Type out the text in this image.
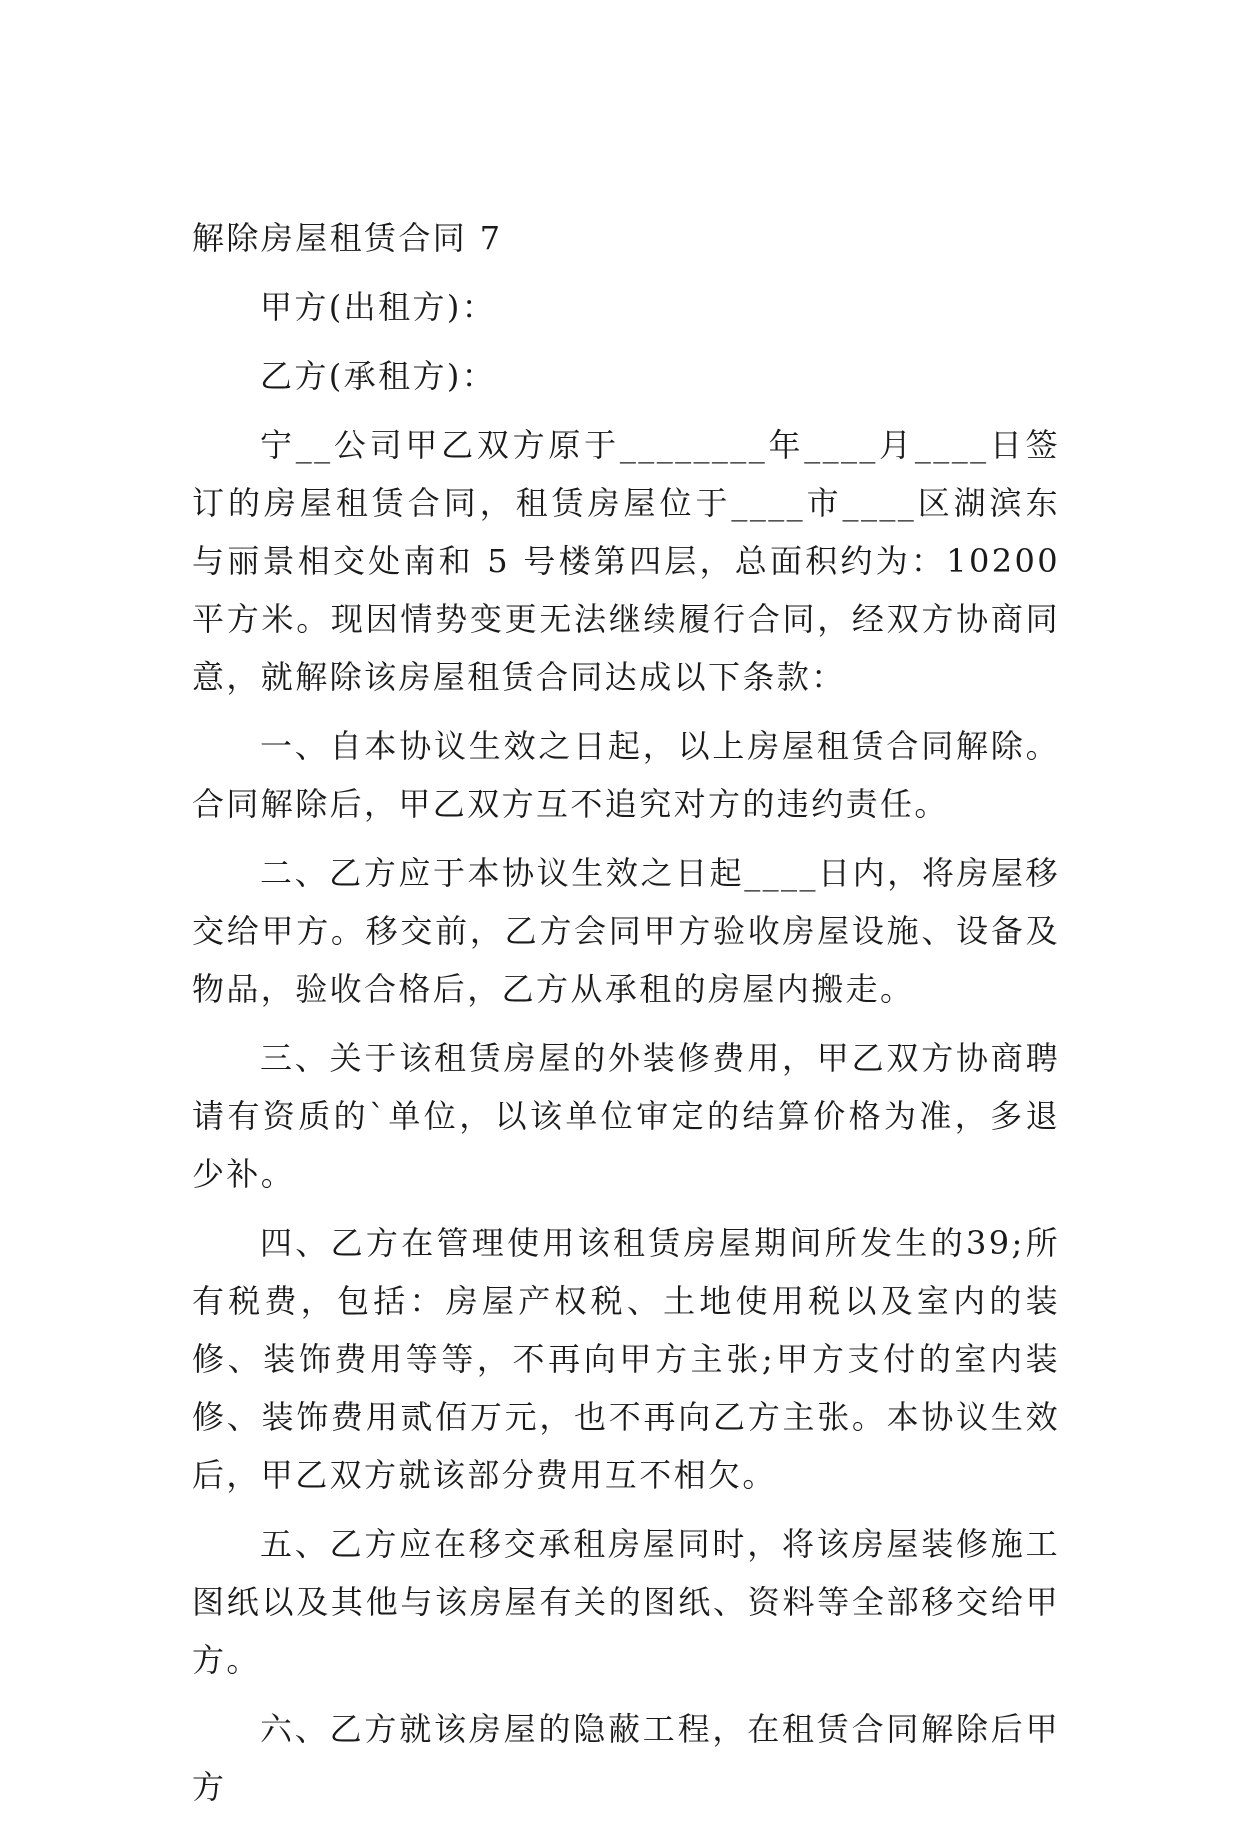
解除房屋租赁合同 7
甲方(出租方)：
乙方(承租方)：
宁__公司甲乙双方原于________年____月____日签订的房屋租赁合同，租赁房屋位于____市____区湖滨东与丽景相交处南和 5 号楼第四层，总面积约为：10200 平方米。现因情势变更无法继续履行合同，经双方协商同意，就解除该房屋租赁合同达成以下条款：
一、自本协议生效之日起，以上房屋租赁合同解除。合同解除后，甲乙双方互不追究对方的违约责任。
二、乙方应于本协议生效之日起____日内，将房屋移交给甲方。移交前，乙方会同甲方验收房屋设施、设备及物品，验收合格后，乙方从承租的房屋内搬走。
三、关于该租赁房屋的外装修费用，甲乙双方协商聘请有资质的`单位，以该单位审定的结算价格为准，多退少补。
四、乙方在管理使用该租赁房屋期间所发生的39;所有税费，包括：房屋产权税、土地使用税以及室内的装修、装饰费用等等，不再向甲方主张;甲方支付的室内装修、装饰费用贰佰万元，也不再向乙方主张。本协议生效后，甲乙双方就该部分费用互不相欠。
五、乙方应在移交承租房屋同时，将该房屋装修施工图纸以及其他与该房屋有关的图纸、资料等全部移交给甲方。
六、乙方就该房屋的隐蔽工程，在租赁合同解除后甲方
